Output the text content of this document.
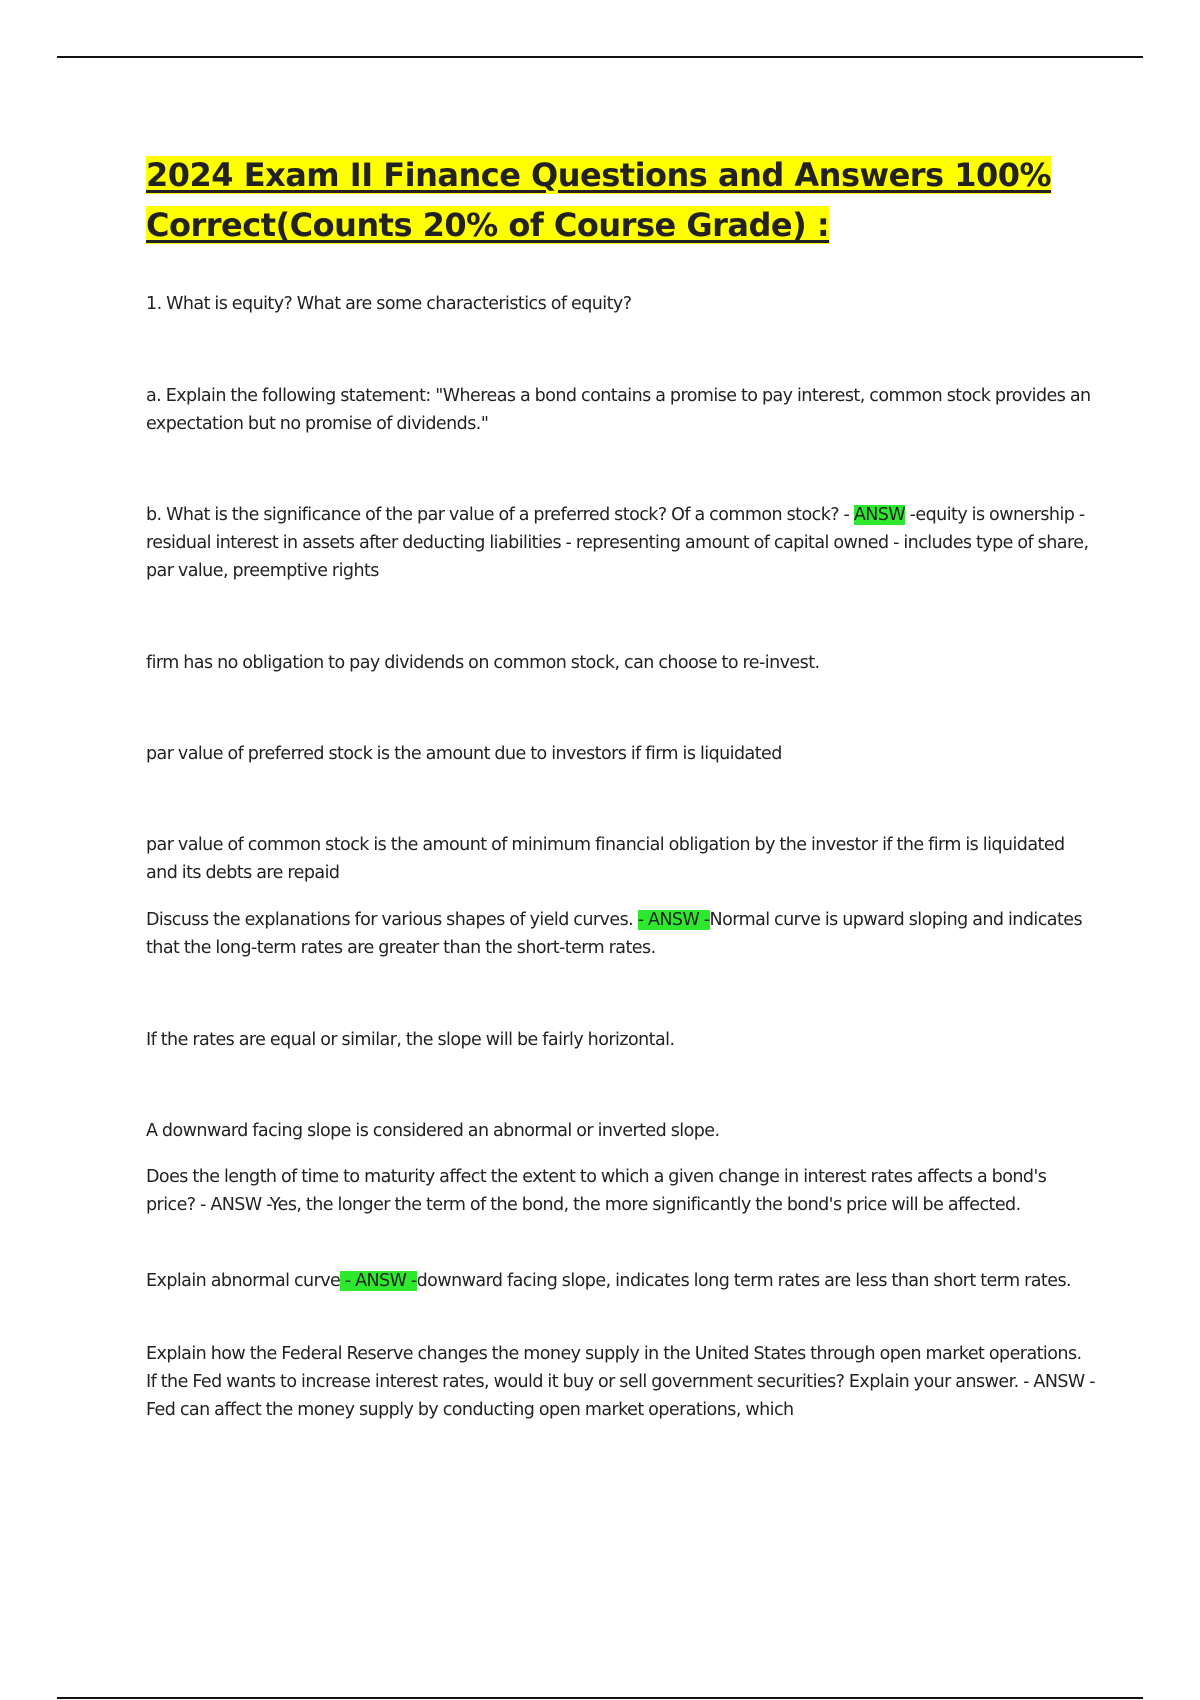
2024 Exam II Finance Questions and Answers 100% Correct(Counts 20% of Course Grade) :

1. What is equity? What are some characteristics of equity?

a. Explain the following statement: "Whereas a bond contains a promise to pay interest, common stock provides an expectation but no promise of dividends."

b. What is the significance of the par value of a preferred stock? Of a common stock? - ANSW -equity is ownership - residual interest in assets after deducting liabilities - representing amount of capital owned - includes type of share, par value, preemptive rights

firm has no obligation to pay dividends on common stock, can choose to re-invest.

par value of preferred stock is the amount due to investors if firm is liquidated

par value of common stock is the amount of minimum financial obligation by the investor if the firm is liquidated and its debts are repaid

Discuss the explanations for various shapes of yield curves. - ANSW -Normal curve is upward sloping and indicates that the long-term rates are greater than the short-term rates.

If the rates are equal or similar, the slope will be fairly horizontal.

A downward facing slope is considered an abnormal or inverted slope.

Does the length of time to maturity affect the extent to which a given change in interest rates affects a bond's price? - ANSW -Yes, the longer the term of the bond, the more significantly the bond's price will be affected.

Explain abnormal curve - ANSW -downward facing slope, indicates long term rates are less than short term rates.

Explain how the Federal Reserve changes the money supply in the United States through open market operations. If the Fed wants to increase interest rates, would it buy or sell government securities? Explain your answer. - ANSW -Fed can affect the money supply by conducting open market operations, which
